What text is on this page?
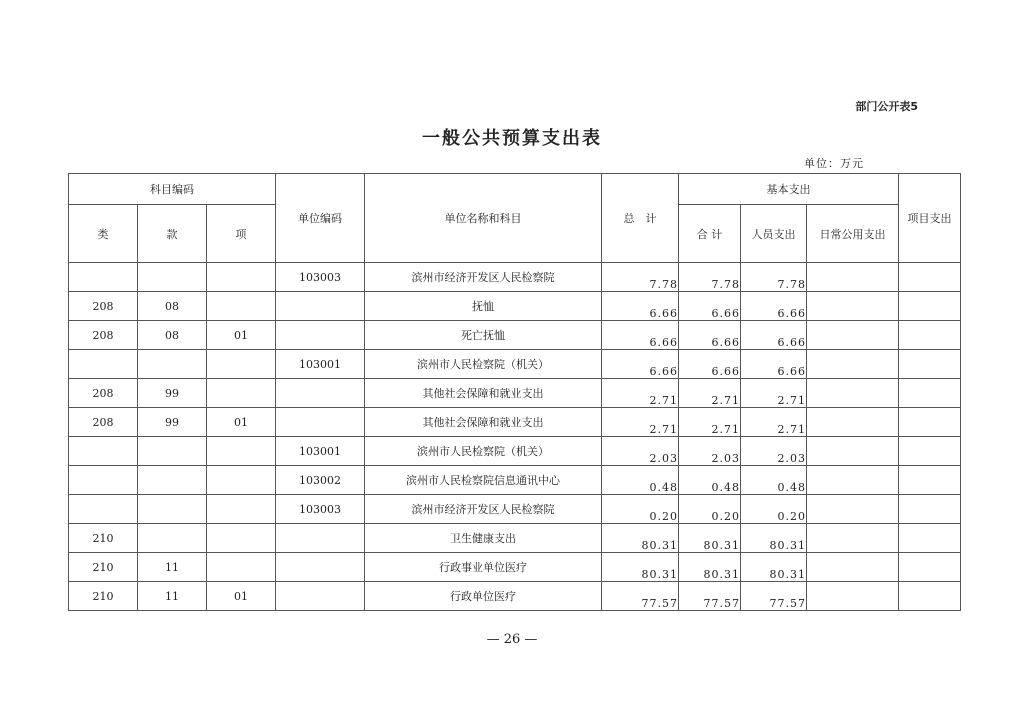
部门公开表5
一般公共预算支出表
单位：万元
科目编码			单位编码	单位名称和科目	总　计	基本支出			项目支出
类	款	项				合 计	人员支出	日常公用支出	
			103003	滨州市经济开发区人民检察院	7.78	7.78	7.78		
208	08			抚恤	6.66	6.66	6.66		
208	08	01		死亡抚恤	6.66	6.66	6.66		
			103001	滨州市人民检察院（机关）	6.66	6.66	6.66		
208	99			其他社会保障和就业支出	2.71	2.71	2.71		
208	99	01		其他社会保障和就业支出	2.71	2.71	2.71		
			103001	滨州市人民检察院（机关）	2.03	2.03	2.03		
			103002	滨州市人民检察院信息通讯中心	0.48	0.48	0.48		
			103003	滨州市经济开发区人民检察院	0.20	0.20	0.20		
210				卫生健康支出	80.31	80.31	80.31		
210	11			行政事业单位医疗	80.31	80.31	80.31		
210	11	01		行政单位医疗	77.57	77.57	77.57		
— 26 —
